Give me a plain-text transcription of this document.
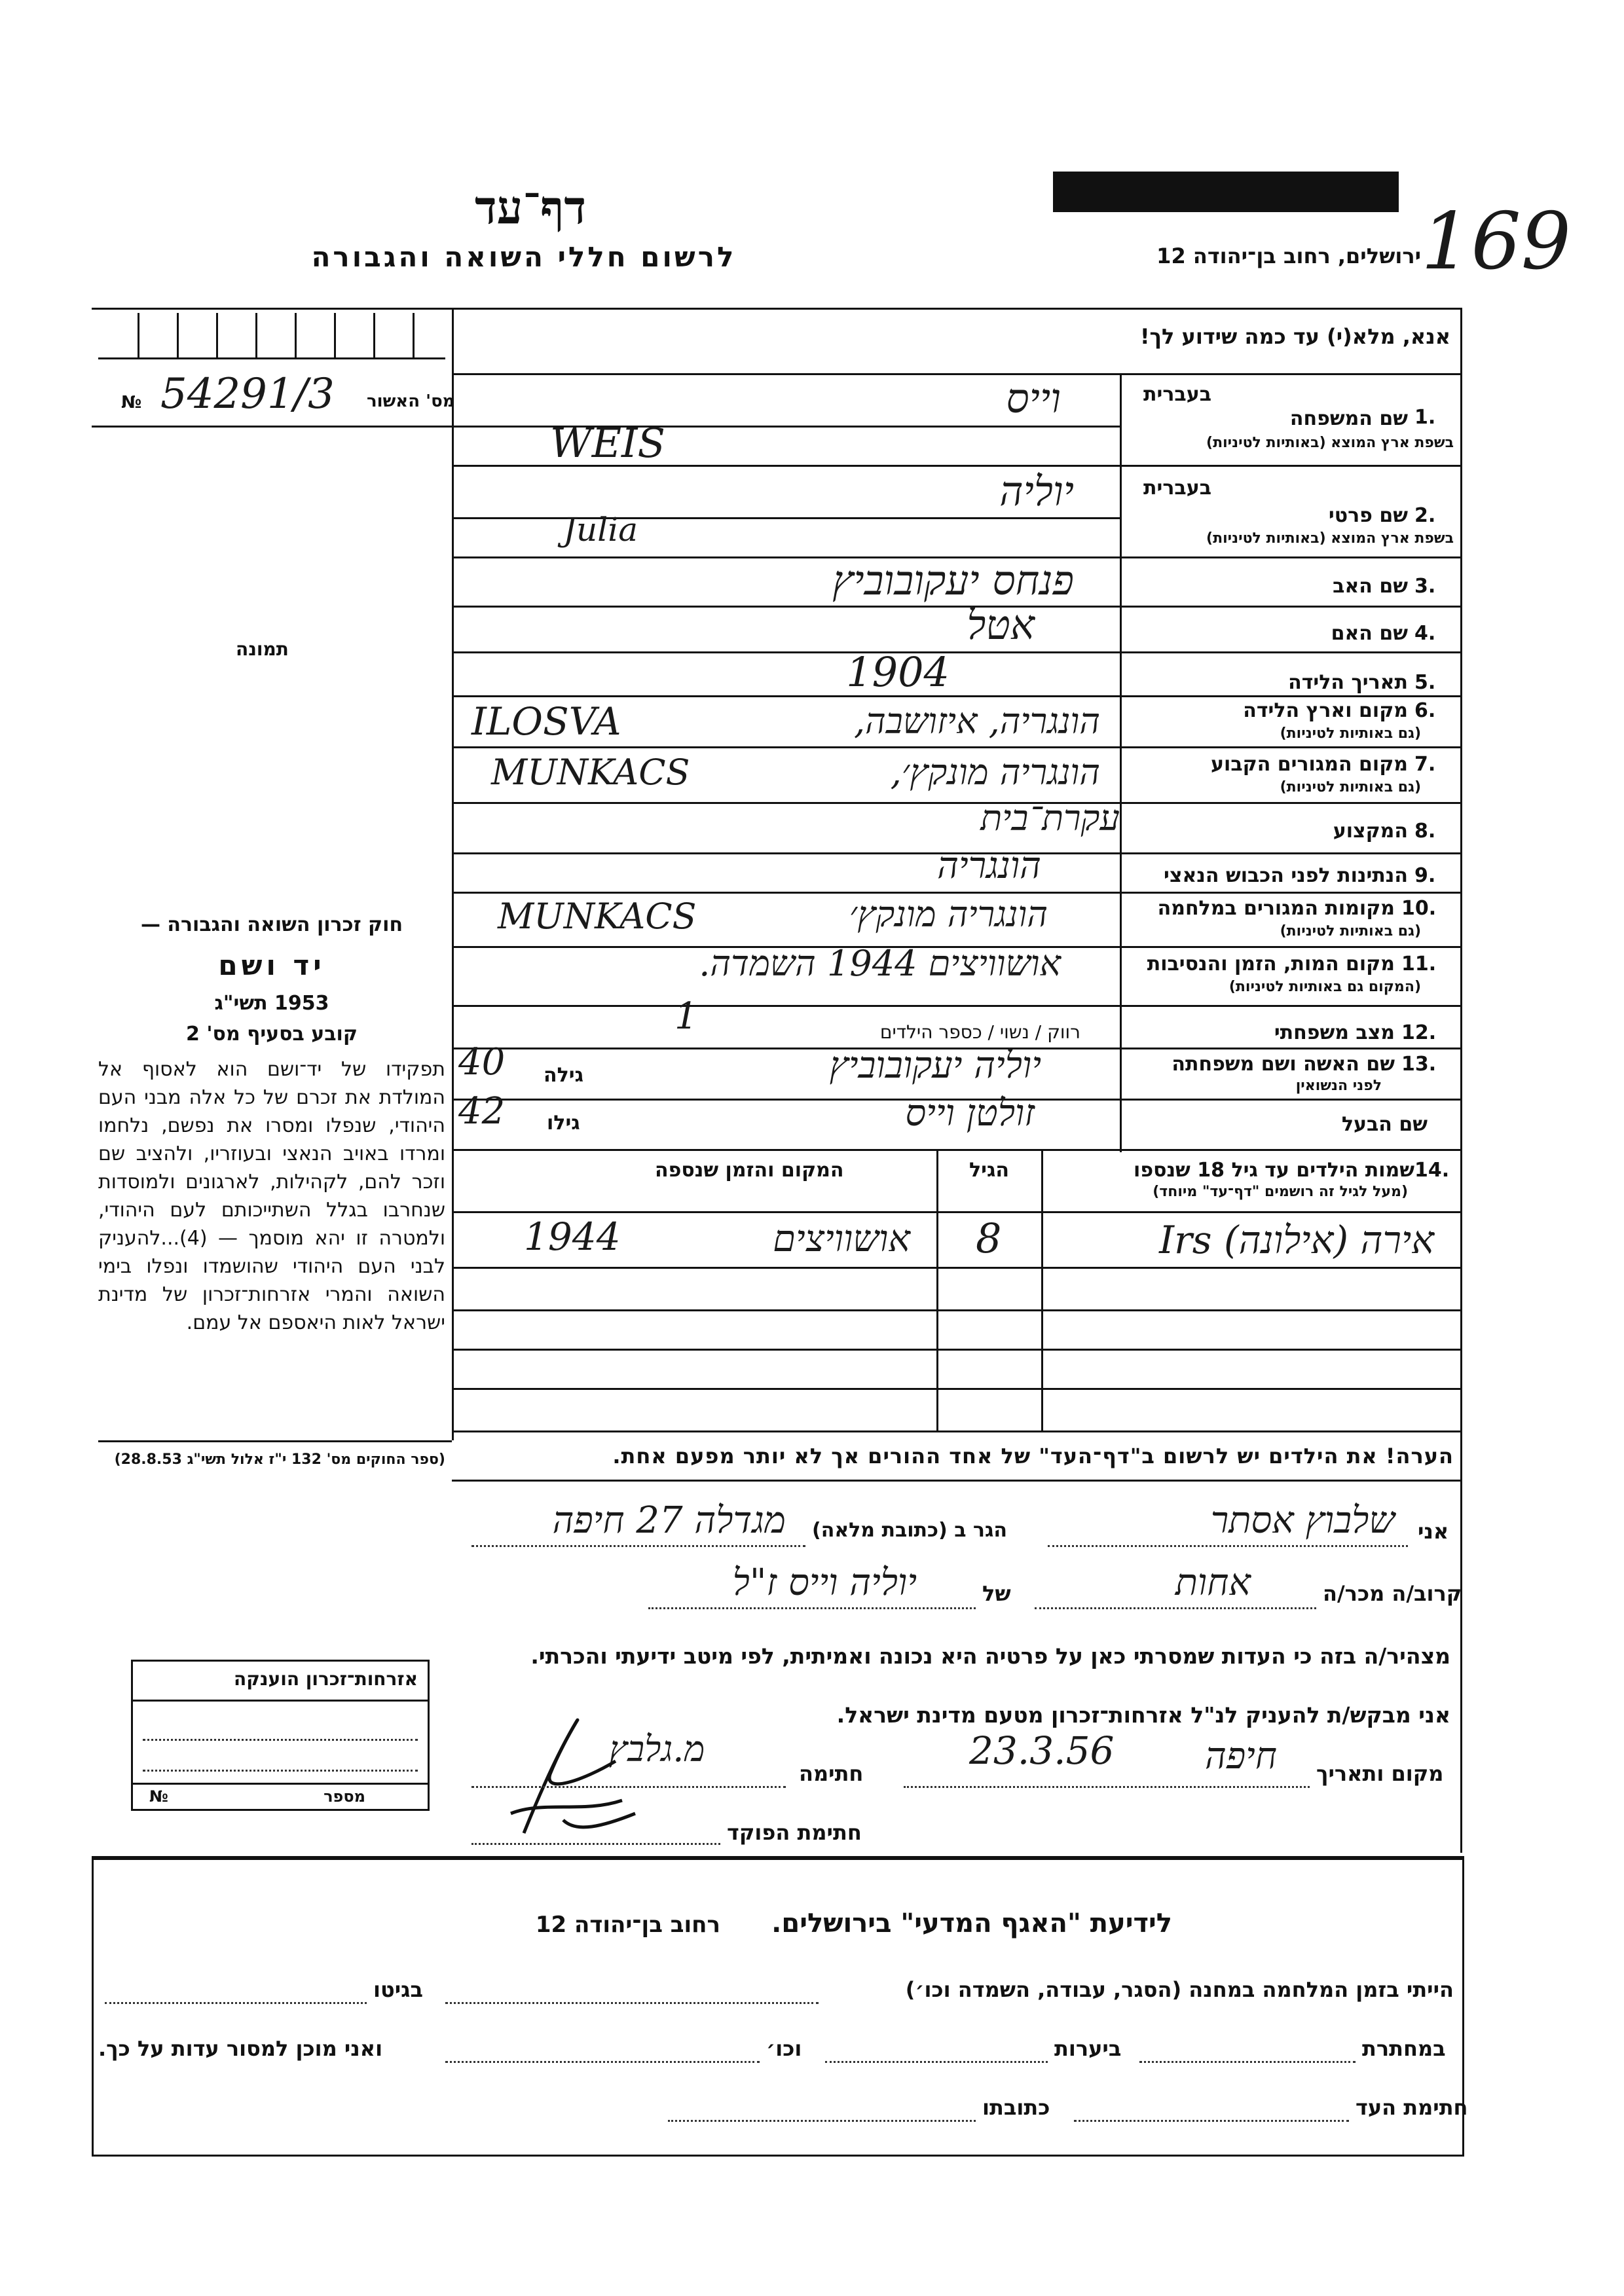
דף־עד
לרשום חללי השואה והגבורה	ירושלים, רחוב בן־יהודה 12 169
מס' האשור
№ 54291/3
תמונה
אנא, מלא(י) עד כמה שידוע לך!
1.
בעברית
שם המשפחה
בשפת ארץ המוצא (באותיות לטיניות)
וייס
WEIS
2.
בעברית
שם פרטי
בשפת ארץ המוצא (באותיות לטיניות)
יוליה
Julia
3.
שם האב
פנחס יעקובוביץ
4.
שם האם
אטל
5.
תאריך הלידה
1904
6.
מקום וארץ הלידה
(גם באותיות לטיניות)
הונגריה, איזושבה,
ILOSVA
7.
מקום המגורים הקבוע
(גם באותיות לטיניות)
הונגריה מונקץ׳,
MUNKACS
8.
המקצוע
עקרת־בית
9.
הנתינות לפני הכבוש הנאצי
הונגריה
10.
מקומות המגורים במלחמה
(גם באותיות לטיניות)
הונגריה מונקץ׳
MUNKACS
11.
מקום המות, הזמן והנסיבות
(המקום גם באותיות לטיניות)
אושוויצים 1944 השמדה.
12.
מצב משפחתי
רווק / נשוי / כספר הילדים
1
13.
שם האשה ושם משפחתה
לפני הנשואין
יוליה יעקובוביץ
גילה
40
שם הבעל
זולטן וייס
גילו
42
14.
שמות הילדים עד גיל 18 שנספו
(מעל לגיל זה רושמים "דף־עד" מיוחד)
הגיל
המקום והזמן שנספה
אירה (אילונה) Irs
8
אושוויצים
1944
הערה! את הילדים יש לרשום ב"דף־העד" של אחד ההורים אך לא יותר מפעם אחת.
חוק זכרון השואה והגבורה —
יד ושם
1953 תשי"ג
קובע בסעיף מס' 2
תפקידו של יד־ושם הוא לאסוף אל המולדת את זכרם של כל אלה מבני העם היהודי, שנפלו ומסרו את נפשם, נלחמו ומרדו באויב הנאצי ובעוזריו, ולהציב שם וזכר להם, לקהילות, לארגונים ולמוסדות שנחרבו בגלל השתייכותם לעם היהודי, ולמטרה זו יהא מוסמך — (4)...להעניק לבני העם היהודי שהושמדו ונפלו בימי השואה והמרי אזרחות־זכרון של מדינת ישראל לאות היאספם אל עמם.
(ספר החוקים מס' 132 י"ז אלול תשי"ג 28.8.53)
אזרחות־זכרון הוענקה
מספר
№
אני
שלבוץ אסתר
הגר ב (כתובת מלאה)
מגדלה 27 חיפה
קרוב/ה מכר/ה
אחות
של
יוליה וייס ז"ל
מצהיר/ה בזה כי העדות שמסרתי כאן על פרטיה היא נכונה ואמיתית, לפי מיטב ידיעתי והכרתי.
אני מבקש/ת להעניק לנ"ל אזרחות־זכרון מטעם מדינת ישראל.
מקום ותאריך
חיפה
23.3.56
חתימה
מ.גלבץ
חתימת הפוקד
לידיעת "האגף המדעי" בירושלים.
רחוב בן־יהודה 12
הייתי בזמן המלחמה במחנה (הסגר, עבודה, השמדה וכו׳)
בגיטו
במחתרת
ביערות
וכו׳
ואני מוכן למסור עדות על כך.
חתימת העד
כתובתו
